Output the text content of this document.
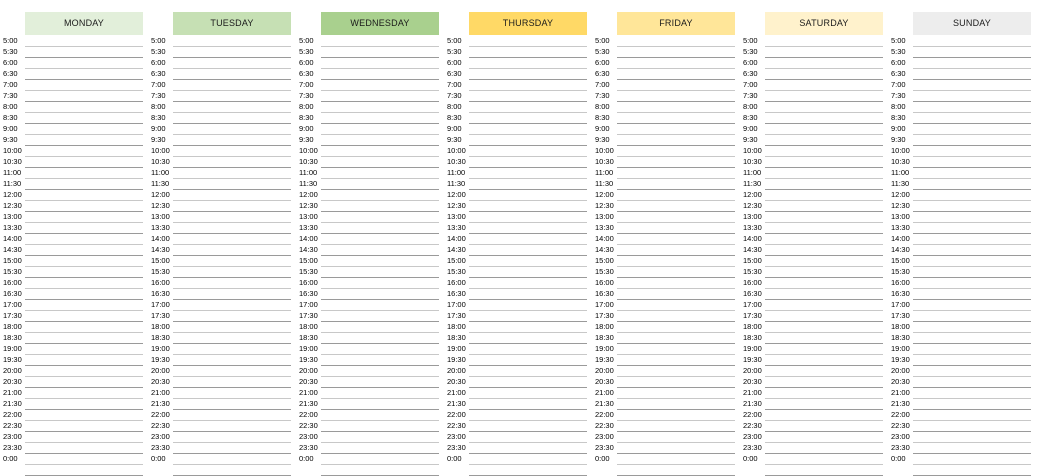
MONDAY
5:00
5:30
6:00
6:30
7:00
7:30
8:00
8:30
9:00
9:30
10:00
10:30
11:00
11:30
12:00
12:30
13:00
13:30
14:00
14:30
15:00
15:30
16:00
16:30
17:00
17:30
18:00
18:30
19:00
19:30
20:00
20:30
21:00
21:30
22:00
22:30
23:00
23:30
0:00
TUESDAY
5:00
5:30
6:00
6:30
7:00
7:30
8:00
8:30
9:00
9:30
10:00
10:30
11:00
11:30
12:00
12:30
13:00
13:30
14:00
14:30
15:00
15:30
16:00
16:30
17:00
17:30
18:00
18:30
19:00
19:30
20:00
20:30
21:00
21:30
22:00
22:30
23:00
23:30
0:00
WEDNESDAY
5:00
5:30
6:00
6:30
7:00
7:30
8:00
8:30
9:00
9:30
10:00
10:30
11:00
11:30
12:00
12:30
13:00
13:30
14:00
14:30
15:00
15:30
16:00
16:30
17:00
17:30
18:00
18:30
19:00
19:30
20:00
20:30
21:00
21:30
22:00
22:30
23:00
23:30
0:00
THURSDAY
5:00
5:30
6:00
6:30
7:00
7:30
8:00
8:30
9:00
9:30
10:00
10:30
11:00
11:30
12:00
12:30
13:00
13:30
14:00
14:30
15:00
15:30
16:00
16:30
17:00
17:30
18:00
18:30
19:00
19:30
20:00
20:30
21:00
21:30
22:00
22:30
23:00
23:30
0:00
FRIDAY
5:00
5:30
6:00
6:30
7:00
7:30
8:00
8:30
9:00
9:30
10:00
10:30
11:00
11:30
12:00
12:30
13:00
13:30
14:00
14:30
15:00
15:30
16:00
16:30
17:00
17:30
18:00
18:30
19:00
19:30
20:00
20:30
21:00
21:30
22:00
22:30
23:00
23:30
0:00
SATURDAY
5:00
5:30
6:00
6:30
7:00
7:30
8:00
8:30
9:00
9:30
10:00
10:30
11:00
11:30
12:00
12:30
13:00
13:30
14:00
14:30
15:00
15:30
16:00
16:30
17:00
17:30
18:00
18:30
19:00
19:30
20:00
20:30
21:00
21:30
22:00
22:30
23:00
23:30
0:00
SUNDAY
5:00
5:30
6:00
6:30
7:00
7:30
8:00
8:30
9:00
9:30
10:00
10:30
11:00
11:30
12:00
12:30
13:00
13:30
14:00
14:30
15:00
15:30
16:00
16:30
17:00
17:30
18:00
18:30
19:00
19:30
20:00
20:30
21:00
21:30
22:00
22:30
23:00
23:30
0:00
